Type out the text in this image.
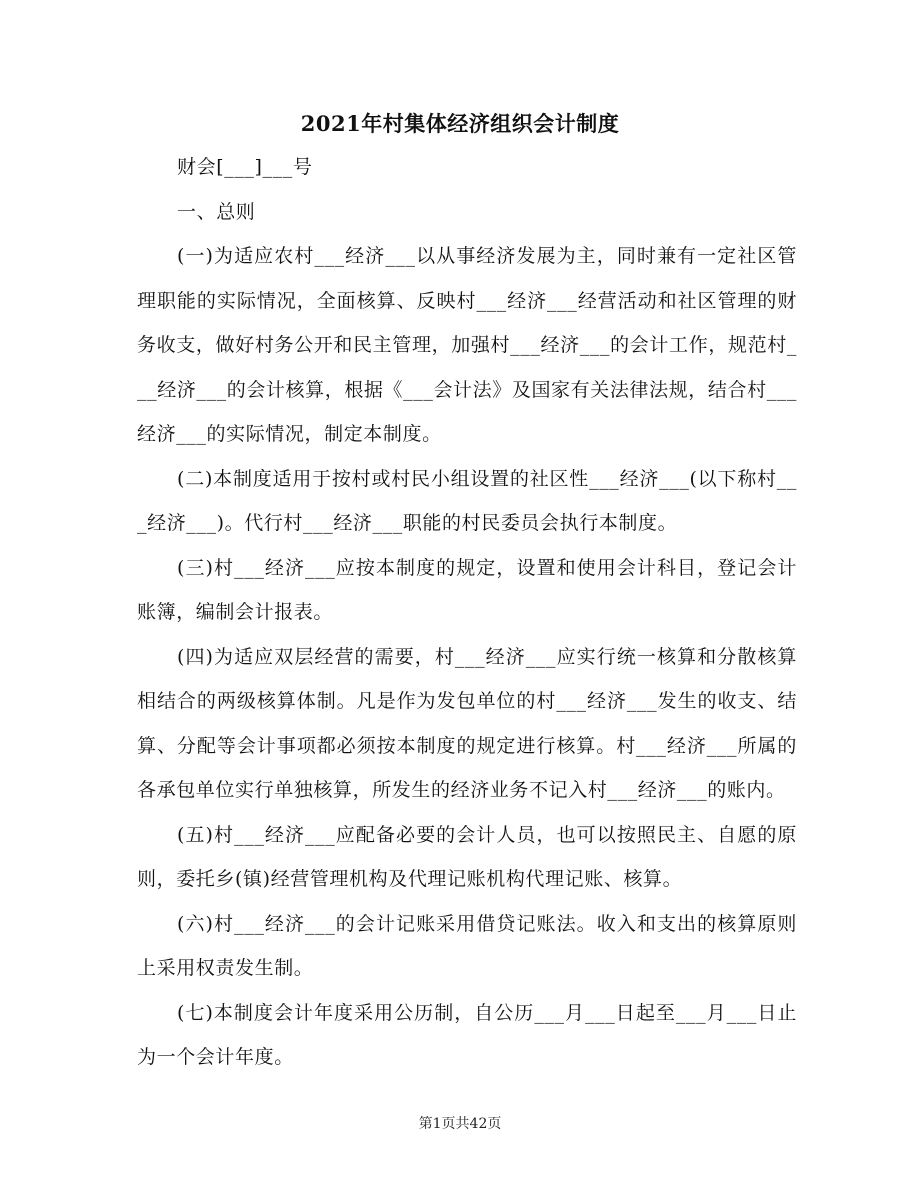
2021年村集体经济组织会计制度

财会[___]___号

一、总则

(一)为适应农村___经济___以从事经济发展为主，同时兼有一定社区管理职能的实际情况，全面核算、反映村___经济___经营活动和社区管理的财务收支，做好村务公开和民主管理，加强村___经济___的会计工作，规范村___经济___的会计核算，根据《___会计法》及国家有关法律法规，结合村___经济___的实际情况，制定本制度。

(二)本制度适用于按村或村民小组设置的社区性___经济___(以下称村___经济___)。代行村___经济___职能的村民委员会执行本制度。

(三)村___经济___应按本制度的规定，设置和使用会计科目，登记会计账簿，编制会计报表。

(四)为适应双层经营的需要，村___经济___应实行统一核算和分散核算相结合的两级核算体制。凡是作为发包单位的村___经济___发生的收支、结算、分配等会计事项都必须按本制度的规定进行核算。村___经济___所属的各承包单位实行单独核算，所发生的经济业务不记入村___经济___的账内。

(五)村___经济___应配备必要的会计人员，也可以按照民主、自愿的原则，委托乡(镇)经营管理机构及代理记账机构代理记账、核算。

(六)村___经济___的会计记账采用借贷记账法。收入和支出的核算原则上采用权责发生制。

(七)本制度会计年度采用公历制，自公历___月___日起至___月___日止为一个会计年度。

第1页共42页
